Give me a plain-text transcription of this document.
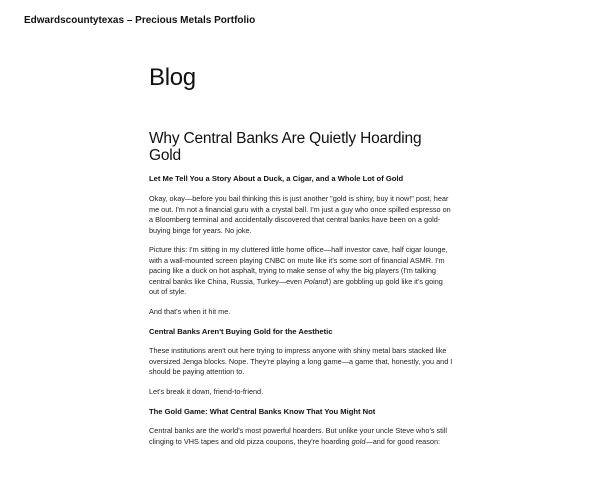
Edwardscountytexas – Precious Metals Portfolio
Blog
Why Central Banks Are Quietly Hoarding Gold
Let Me Tell You a Story About a Duck, a Cigar, and a Whole Lot of Gold

Okay, okay—before you bail thinking this is just another "gold is shiny, buy it now!" post, hear me out. I'm not a financial guru with a crystal ball. I'm just a guy who once spilled espresso on a Bloomberg terminal and accidentally discovered that central banks have been on a gold-buying binge for years. No joke.

Picture this: I'm sitting in my cluttered little home office—half investor cave, half cigar lounge, with a wall-mounted screen playing CNBC on mute like it's some sort of financial ASMR. I'm pacing like a duck on hot asphalt, trying to make sense of why the big players (I'm talking central banks like China, Russia, Turkey—even Poland!) are gobbling up gold like it's going out of style.

And that's when it hit me.

Central Banks Aren't Buying Gold for the Aesthetic

These institutions aren't out here trying to impress anyone with shiny metal bars stacked like oversized Jenga blocks. Nope. They're playing a long game—a game that, honestly, you and I should be paying attention to.

Let's break it down, friend-to-friend.

The Gold Game: What Central Banks Know That You Might Not

Central banks are the world's most powerful hoarders. But unlike your uncle Steve who's still clinging to VHS tapes and old pizza coupons, they're hoarding gold—and for good reason:
